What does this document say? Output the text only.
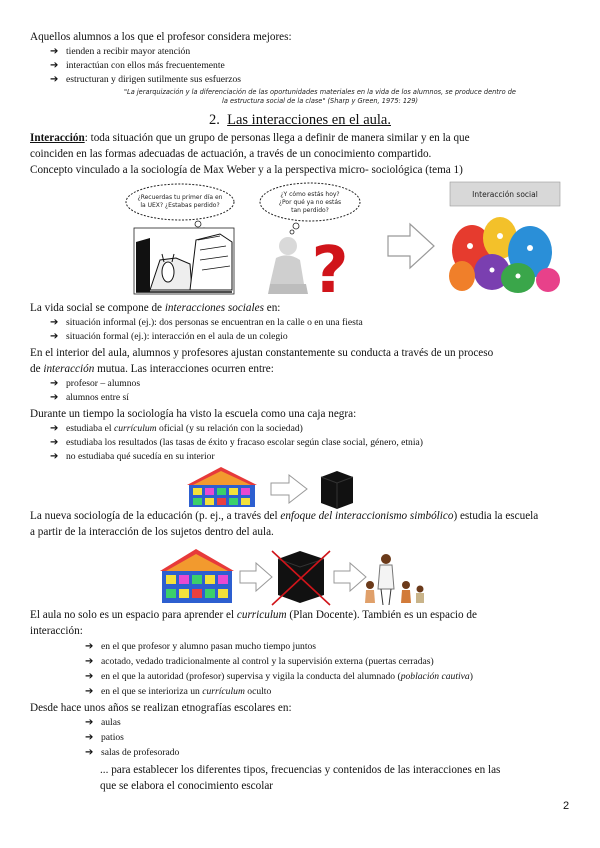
Aquellos alumnos a los que el profesor considera mejores:
➔ tienden a recibir mayor atención
➔ interactúan con ellos más frecuentemente
➔ estructuran y dirigen sutilmente sus esfuerzos
"La jerarquización y la diferenciación de las oportunidades materiales en la vida de los alumnos, se produce dentro de
la estructura social de la clase" (Sharp y Green, 1975: 129)
2. Las interacciones en el aula.
Interacción: toda situación que un grupo de personas llega a definir de manera similar y en la que
coinciden en las formas adecuadas de actuación, a través de un conocimiento compartido.
Concepto vinculado a la sociología de Max Weber y a la perspectiva micro- sociológica (tema 1)
¿Recuerdas tu primer día en
la UEX? ¿Estabas perdido?
¿Y cómo estás hoy?
¿Por qué ya no estás
tan perdido?
?
Interacción social
La vida social se compone de interacciones sociales en:
➔ situación informal (ej.): dos personas se encuentran en la calle o en una fiesta
➔ situación formal (ej.): interacción en el aula de un colegio
En el interior del aula, alumnos y profesores ajustan constantemente su conducta a través de un proceso
de interacción mutua. Las interacciones ocurren entre:
➔ profesor – alumnos
➔ alumnos entre sí
Durante un tiempo la sociología ha visto la escuela como una caja negra:
➔ estudiaba el currículum oficial (y su relación con la sociedad)
➔ estudiaba los resultados (las tasas de éxito y fracaso escolar según clase social, género, etnia)
➔ no estudiaba qué sucedía en su interior
La nueva sociología de la educación (p. ej., a través del enfoque del interaccionismo simbólico) estudia la escuela
a partir de la interacción de los sujetos dentro del aula.
El aula no solo es un espacio para aprender el curriculum (Plan Docente). También es un espacio de
interacción:
➔ en el que profesor y alumno pasan mucho tiempo juntos
➔ acotado, vedado tradicionalmente al control y la supervisión externa (puertas cerradas)
➔ en el que la autoridad (profesor) supervisa y vigila la conducta del alumnado (población cautiva)
➔ en el que se interioriza un currículum oculto
Desde hace unos años se realizan etnografías escolares en:
➔ aulas
➔ patios
➔ salas de profesorado
... para establecer los diferentes tipos, frecuencias y contenidos de las interacciones en las
que se elabora el conocimiento escolar
2
